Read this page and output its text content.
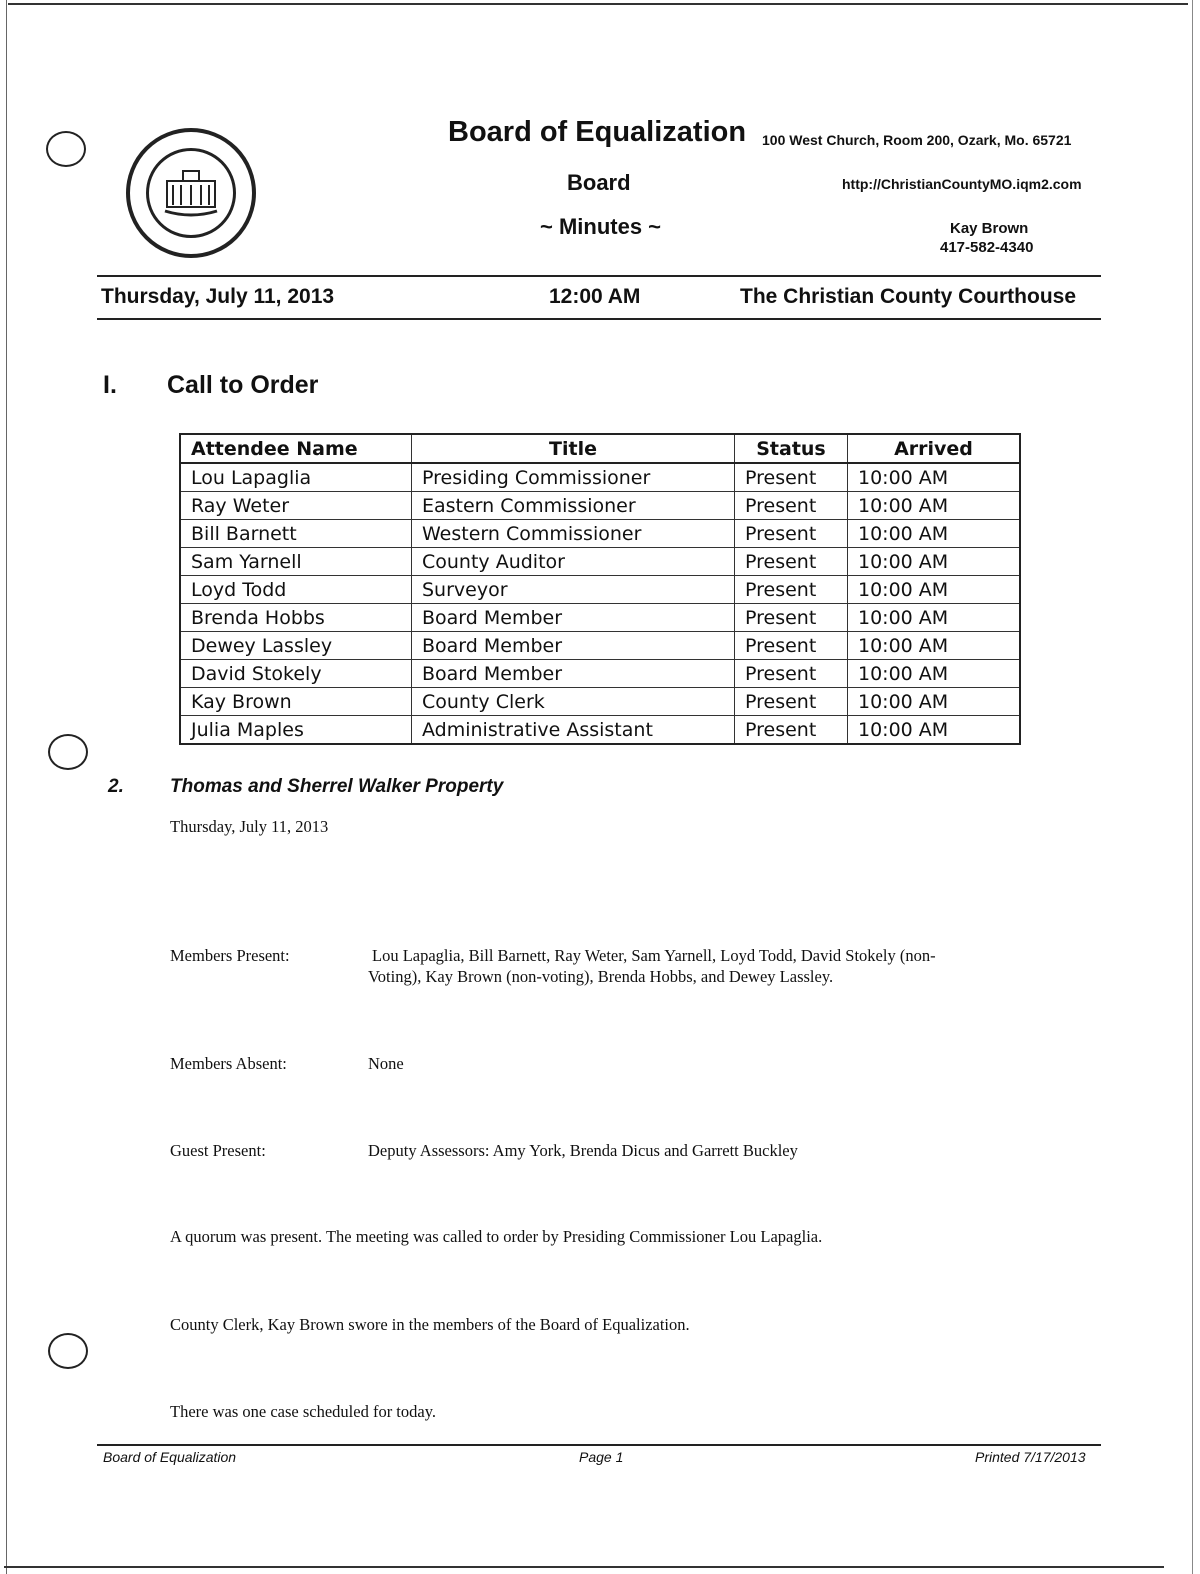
Board of Equalization 100 West Church, Room 200, Ozark, Mo. 65721
Board	http://ChristianCountyMO.iqm2.com
~ Minutes ~	Kay Brown
417-582-4340
Thursday, July 11, 2013	12:00 AM	The Christian County Courthouse
I. Call to Order
Attendee Name	Title	Status	Arrived
Lou Lapaglia	Presiding Commissioner	Present	10:00 AM
Ray Weter	Eastern Commissioner	Present	10:00 AM
Bill Barnett	Western Commissioner	Present	10:00 AM
Sam Yarnell	County Auditor	Present	10:00 AM
Loyd Todd	Surveyor	Present	10:00 AM
Brenda Hobbs	Board Member	Present	10:00 AM
Dewey Lassley	Board Member	Present	10:00 AM
David Stokely	Board Member	Present	10:00 AM
Kay Brown	County Clerk	Present	10:00 AM
Julia Maples	Administrative Assistant	Present	10:00 AM
2. Thomas and Sherrel Walker Property
Thursday, July 11, 2013
Members Present:	Lou Lapaglia, Bill Barnett, Ray Weter, Sam Yarnell, Loyd Todd, David Stokely (non-
Voting), Kay Brown (non-voting), Brenda Hobbs, and Dewey Lassley.
Members Absent:	None
Guest Present:	Deputy Assessors: Amy York, Brenda Dicus and Garrett Buckley
A quorum was present. The meeting was called to order by Presiding Commissioner Lou Lapaglia.
County Clerk, Kay Brown swore in the members of the Board of Equalization.
There was one case scheduled for today.
Board of Equalization	Page 1	Printed 7/17/2013
